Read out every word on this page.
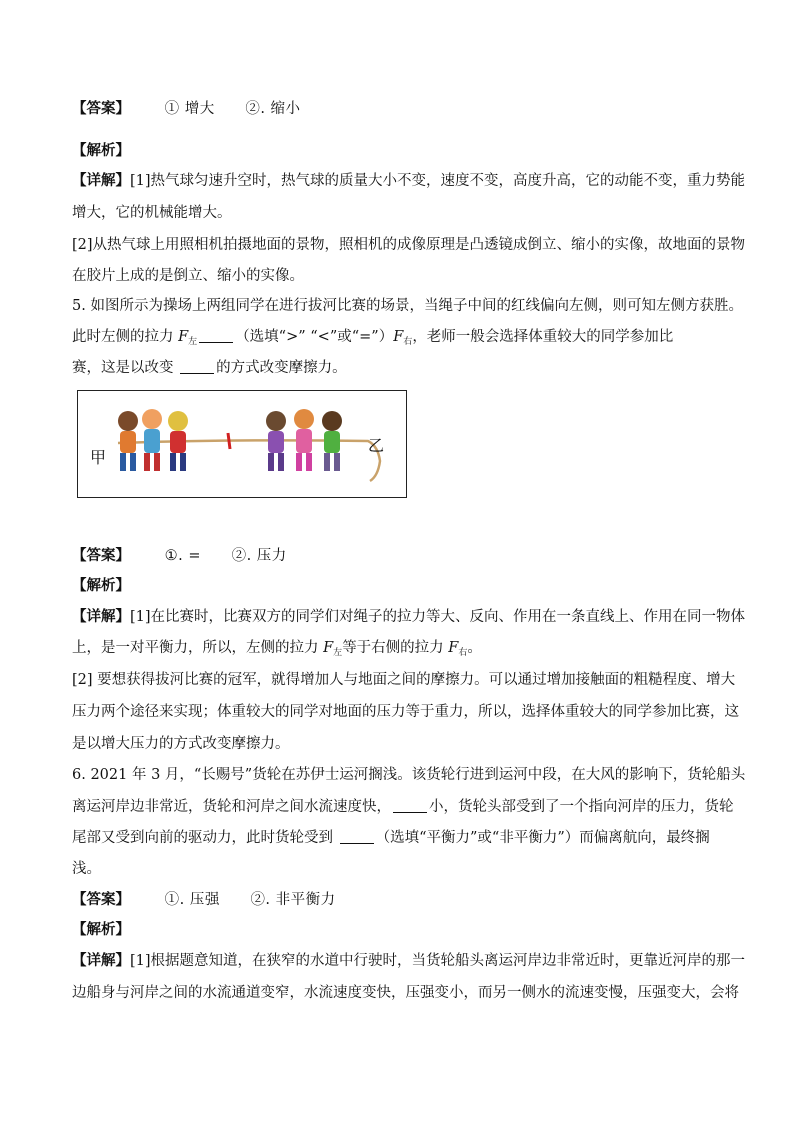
【答案】 ① 增大 ②. 缩小
【解析】
【详解】[1]热气球匀速升空时，热气球的质量大小不变，速度不变，高度升高，它的动能不变，重力势能
增大，它的机械能增大。
[2]从热气球上用照相机拍摄地面的景物，照相机的成像原理是凸透镜成倒立、缩小的实像，故地面的景物
在胶片上成的是倒立、缩小的实像。
5. 如图所示为操场上两组同学在进行拔河比赛的场景，当绳子中间的红线偏向左侧，则可知左侧方获胜。
此时左侧的拉力 $F_左$	（选填“>” “<”或“$=”)F_右$，老师一般会选择体重较大的同学参加比
赛，这是以改变	的方式改变摩擦力。
甲
乙
【答案】 ①. = ②. 压力
【解析】
【详解】[1]在比赛时，比赛双方的同学们对绳子的拉力等大、反向、作用在一条直线上、作用在同一物体
上，是一对平衡力，所以，左侧的拉力 $F_左$等于右侧的拉力 $F_右$。
[2] 要想获得拔河比赛的冠军，就得增加人与地面之间的摩擦力。可以通过增加接触面的粗糙程度、增大
压力两个途径来实现；体重较大的同学对地面的压力等于重力，所以，选择体重较大的同学参加比赛，这
是以增大压力的方式改变摩擦力。
6. 2021 年 3 月，“长赐号”货轮在苏伊士运河搁浅。该货轮行进到运河中段，在大风的影响下，货轮船头
离运河岸边非常近，货轮和河岸之间水流速度快，	小，货轮头部受到了一个指向河岸的压力，货轮
尾部又受到向前的驱动力，此时货轮受到	（选填“平衡力”或“非平衡力”）而偏离航向，最终搁
浅。
【答案】 ①. 压强 ②. 非平衡力
【解析】
【详解】[1]根据题意知道，在狭窄的水道中行驶时，当货轮船头离运河岸边非常近时，更靠近河岸的那一
边船身与河岸之间的水流通道变窄，水流速度变快，压强变小，而另一侧水的流速变慢，压强变大，会将
